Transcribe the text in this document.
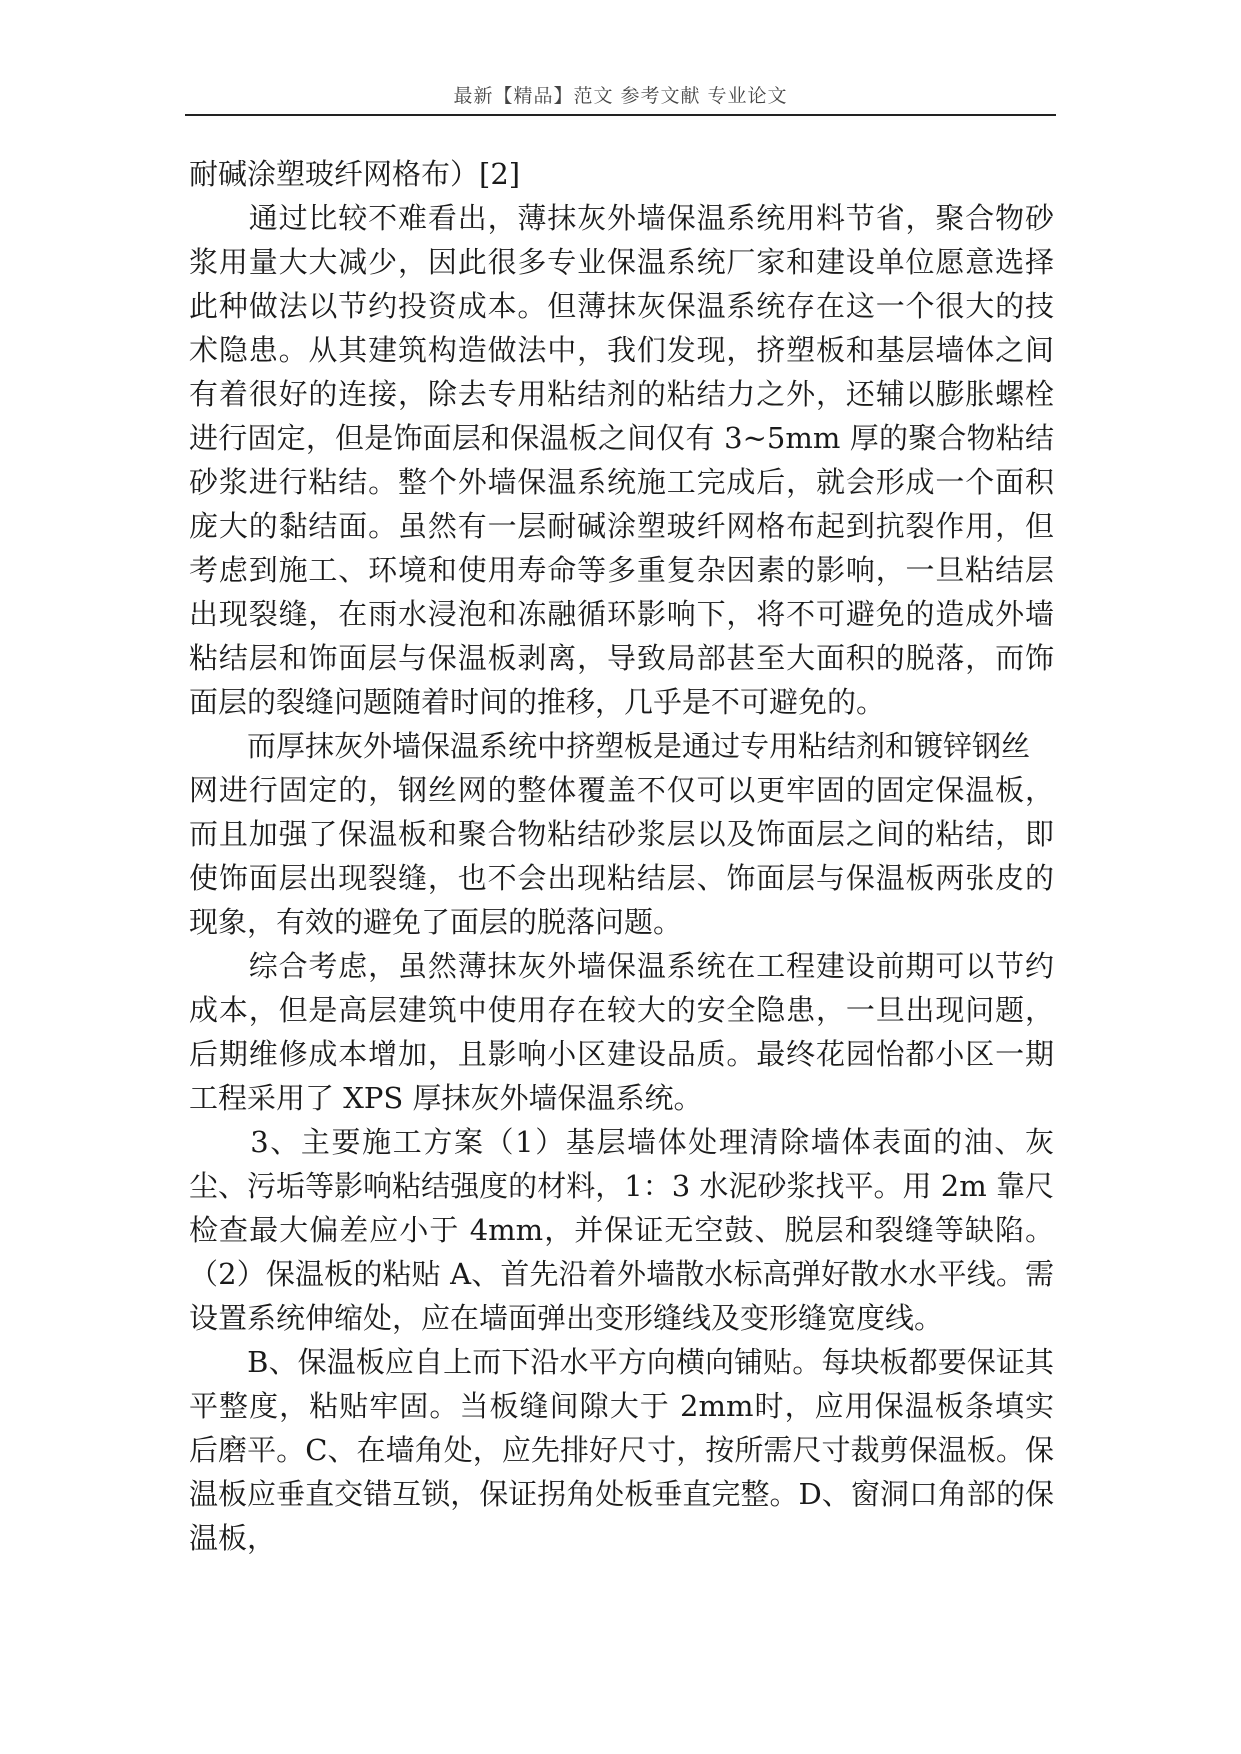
最新【精品】范文 参考文献 专业论文

耐碱涂塑玻纤网格布）[2]

　　通过比较不难看出，薄抹灰外墙保温系统用料节省，聚合物砂浆用量大大减少，因此很多专业保温系统厂家和建设单位愿意选择此种做法以节约投资成本。但薄抹灰保温系统存在这一个很大的技术隐患。从其建筑构造做法中，我们发现，挤塑板和基层墙体之间有着很好的连接，除去专用粘结剂的粘结力之外，还辅以膨胀螺栓进行固定，但是饰面层和保温板之间仅有 3~5mm 厚的聚合物粘结砂浆进行粘结。整个外墙保温系统施工完成后，就会形成一个面积庞大的黏结面。虽然有一层耐碱涂塑玻纤网格布起到抗裂作用，但考虑到施工、环境和使用寿命等多重复杂因素的影响，一旦粘结层出现裂缝，在雨水浸泡和冻融循环影响下，将不可避免的造成外墙粘结层和饰面层与保温板剥离，导致局部甚至大面积的脱落，而饰面层的裂缝问题随着时间的推移，几乎是不可避免的。

　　而厚抹灰外墙保温系统中挤塑板是通过专用粘结剂和镀锌钢丝
网进行固定的，钢丝网的整体覆盖不仅可以更牢固的固定保温板，而且加强了保温板和聚合物粘结砂浆层以及饰面层之间的粘结，即使饰面层出现裂缝，也不会出现粘结层、饰面层与保温板两张皮的现象，有效的避免了面层的脱落问题。

　　综合考虑，虽然薄抹灰外墙保温系统在工程建设前期可以节约成本，但是高层建筑中使用存在较大的安全隐患，一旦出现问题，后期维修成本增加，且影响小区建设品质。最终花园怡都小区一期工程采用了 XPS 厚抹灰外墙保温系统。

　　3、主要施工方案（1）基层墙体处理清除墙体表面的油、灰尘、污垢等影响粘结强度的材料，1：3 水泥砂浆找平。用 2m 靠尺检查最大偏差应小于 4mm，并保证无空鼓、脱层和裂缝等缺陷。（2）保温板的粘贴 A、首先沿着外墙散水标高弹好散水水平线。需设置系统伸缩处，应在墙面弹出变形缝线及变形缝宽度线。

　　B、保温板应自上而下沿水平方向横向铺贴。每块板都要保证其平整度，粘贴牢固。当板缝间隙大于 2mm时，应用保温板条填实后磨平。C、在墙角处，应先排好尺寸，按所需尺寸裁剪保温板。保温板应垂直交错互锁，保证拐角处板垂直完整。D、窗洞口角部的保温板，
